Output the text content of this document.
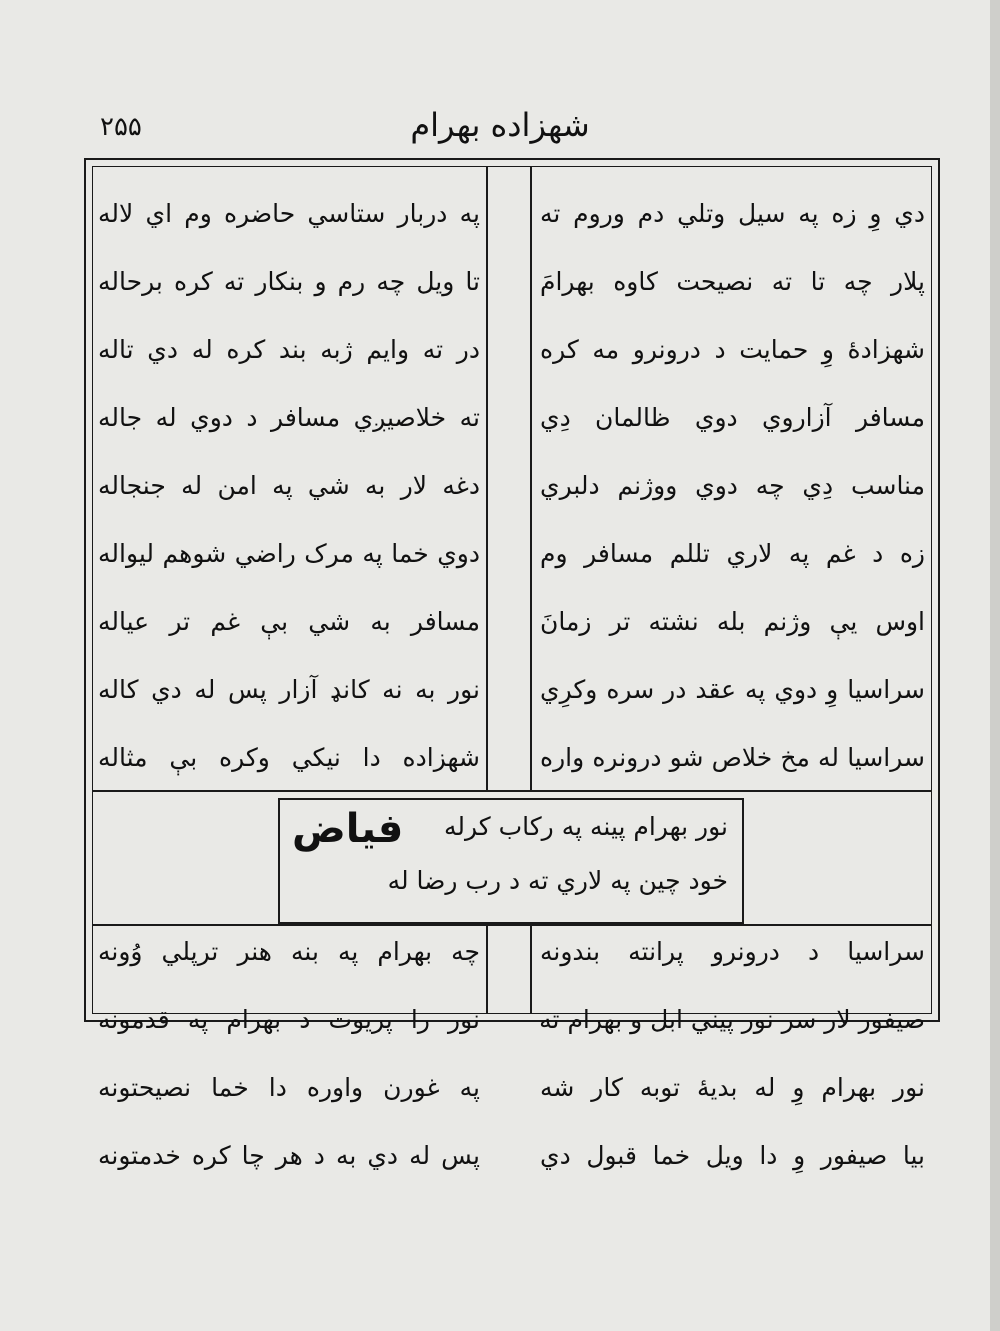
۲۵۵	شهزاده بهرام
دي وِ زه په سيل وتلي دم وروم ته
پلار چه تا ته نصيحت کاوه بهرامَ
شهزادهٔ وِ حمايت د درونرو مه کره
مسافر آزاروي دوي ظالمان دِي
مناسب دِي چه دوي ووژنم دلبري
زه د غم په لاري تللم مسافر وم
اوس يې وژنم بله نشته تر زمانَ
سراسيا وِ دوي په عقد در سره وکرِي
سراسيا له مخ خلاص شو درونره واره
په دربار ستاسي حاضره وم اي لاله
تا ويل چه رم و بنکار ته کره برحاله
در ته وايم ژبه بند کره له دي تاله
ته خلاصيږي مسافر د دوي له جاله
دغه لار به شي په امن له جنجاله
دوي خما په مرک راضي شوهم ليواله
مسافر به شي بې غم تر عياله
نور به نه کانډ آزار پس له دي کاله
شهزاده دا نيکي وکره بې مثاله
نور بهرام پينه په رکاب کرله
خود چين په لاري ته د رب رضا له
فياض
سراسيا د درونرو پرانته بندونه
صيفور لار سر نور پيني ابل و بهرام ته
نور بهرام وِ له بديۀ توبه کار شه
بيا صيفور وِ دا ويل خما قبول دي
چه بهرام په بنه هنر ترپلي وُونه
نور را پريوت د بهرام په قدمونه
په غورن واوره دا خما نصيحتونه
پس له دي به د هر چا کره خدمتونه
